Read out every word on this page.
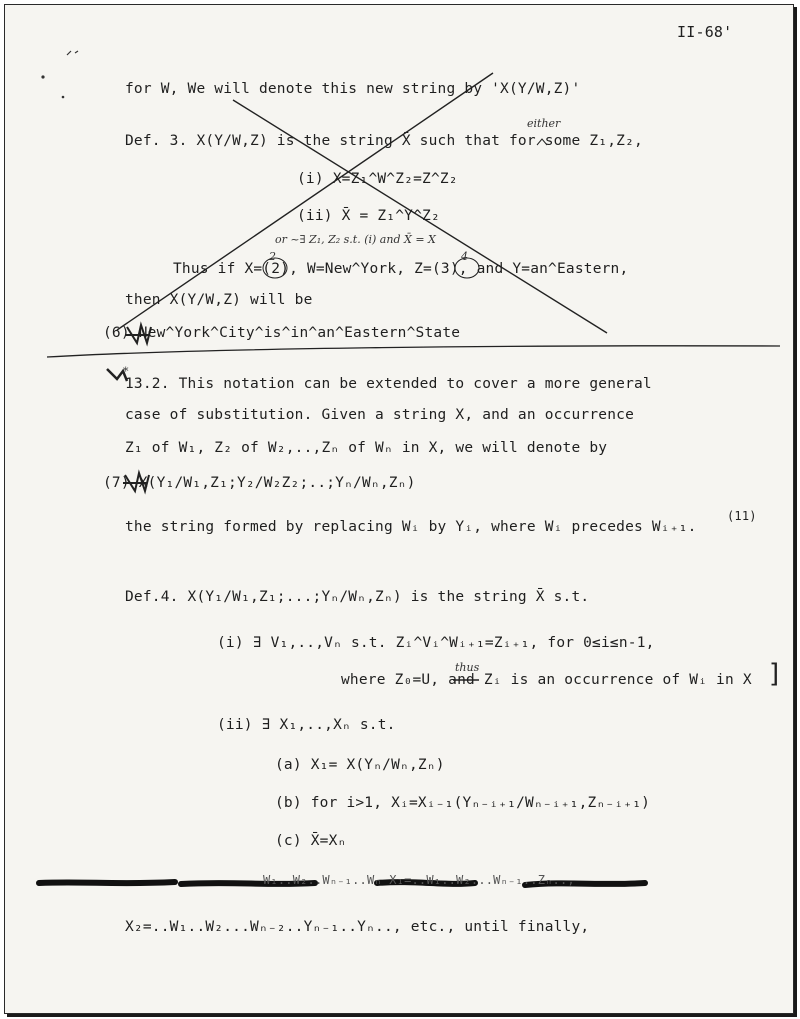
II-68'
for W, We will denote this new string by 'X(Y/W,Z)'
either
Def. 3. X(Y/W,Z) is the string X̄ such that for some Z₁,Z₂,
(i) X=Z₁^W^Z₂=Z^Z₂
(ii) X̄ = Z₁^Y^Z₂
or ~∃ Z₁, Z₂ s.t. (i) and X̄ = X
2	4
Thus if X=(2), W=New^York, Z=(3), and Y=an^Eastern,
then X(Y/W,Z) will be
(6) New^York^City^is^in^an^Eastern^State
*
13.2. This notation can be extended to cover a more general
case of substitution. Given a string X, and an occurrence
Z₁ of W₁, Z₂ of W₂,..,Zₙ of Wₙ in X, we will denote by
(7) X(Y₁/W₁,Z₁;Y₂/W₂Z₂;..;Yₙ/Wₙ,Zₙ)
the string formed by replacing Wᵢ by Yᵢ, where Wᵢ precedes Wᵢ₊₁.
(11)
Def.4. X(Y₁/W₁,Z₁;...;Yₙ/Wₙ,Zₙ) is the string X̄ s.t.
(i) ∃ V₁,..,Vₙ s.t. Zᵢ^Vᵢ^Wᵢ₊₁=Zᵢ₊₁, for 0≤i≤n-1,
thus
where Z₀=U, and Zᵢ is an occurrence of Wᵢ in X ]
(ii) ∃ X₁,..,Xₙ s.t.
(a) X₁= X(Yₙ/Wₙ,Zₙ)
(b) for i>1, Xᵢ=Xᵢ₋₁(Yₙ₋ᵢ₊₁/Wₙ₋ᵢ₊₁,Zₙ₋ᵢ₊₁)
(c) X̄=Xₙ
W₁..W₂..Wₙ₋₁..Wₙ X₁=..W₁..W₂...Wₙ₋₁..Zₙ..,
X₂=..W₁..W₂...Wₙ₋₂..Yₙ₋₁..Yₙ.., etc., until finally,
